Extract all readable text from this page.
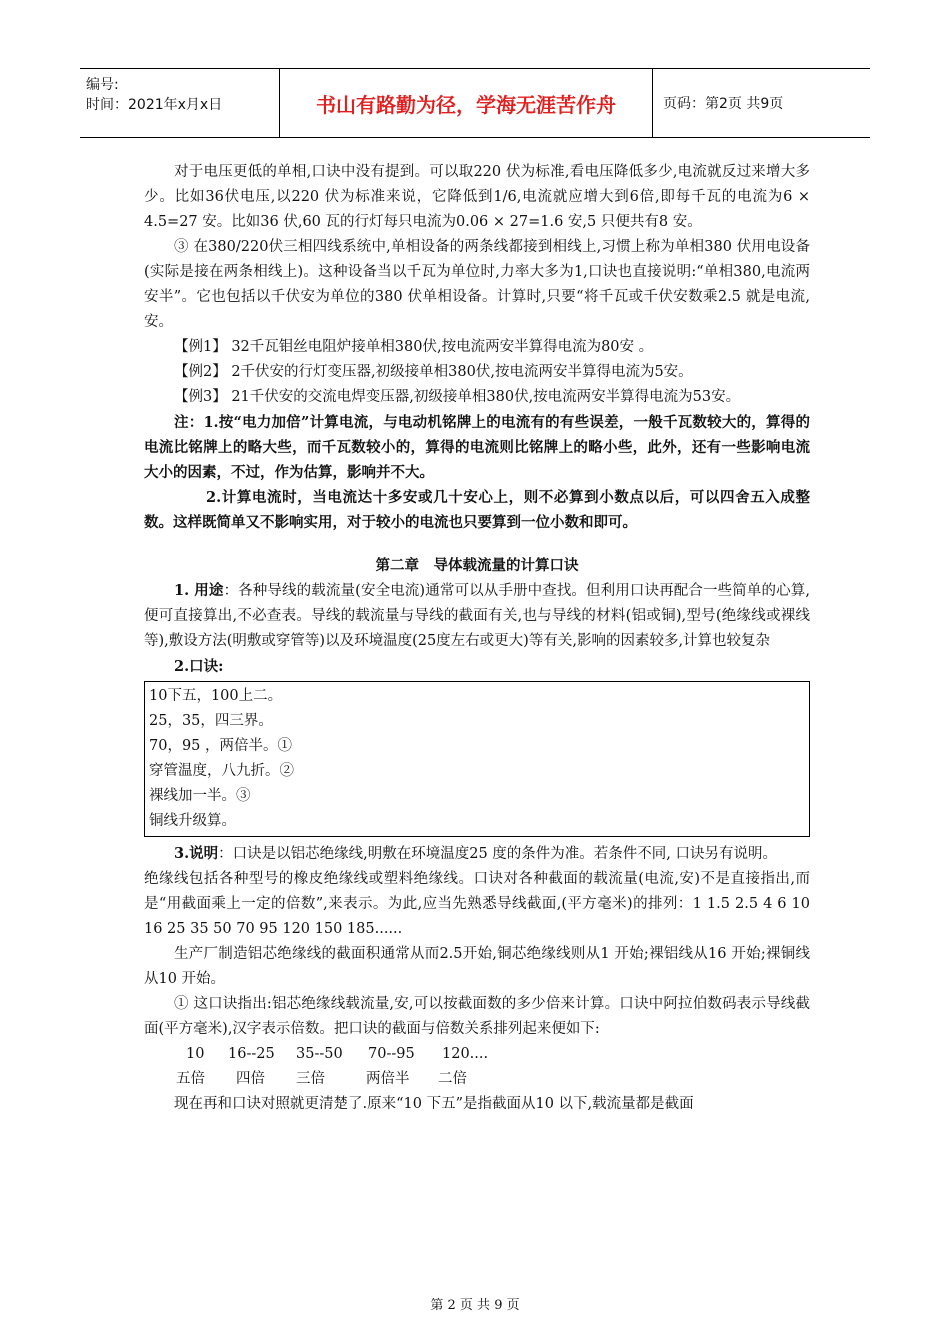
编号:
时间：2021年x月x日	书山有路勤为径，学海无涯苦作舟	页码：第2页 共9页

对于电压更低的单相,口诀中没有提到。可以取220 伏为标准,看电压降低多少,电流就反过来增大多少。比如36伏电压,以220 伏为标准来说，它降低到1/6,电流就应增大到6倍,即每千瓦的电流为6 × 4.5=27 安。比如36 伏,60 瓦的行灯每只电流为0.06 × 27=1.6 安,5 只便共有8 安。

③ 在380/220伏三相四线系统中,单相设备的两条线都接到相线上,习惯上称为单相380 伏用电设备(实际是接在两条相线上)。这种设备当以千瓦为单位时,力率大多为1,口诀也直接说明:“单相380,电流两安半”。它也包括以千伏安为单位的380 伏单相设备。计算时,只要“将千瓦或千伏安数乘2.5 就是电流,安。

【例1】 32千瓦钼丝电阻炉接单相380伏,按电流两安半算得电流为80安 。

【例2】 2千伏安的行灯变压器,初级接单相380伏,按电流两安半算得电流为5安。

【例3】 21千伏安的交流电焊变压器,初级接单相380伏,按电流两安半算得电流为53安。

注：1.按“电力加倍”计算电流，与电动机铭牌上的电流有的有些误差，一般千瓦数较大的，算得的电流比铭牌上的略大些，而千瓦数较小的，算得的电流则比铭牌上的略小些，此外，还有一些影响电流大小的因素，不过，作为估算，影响并不大。

2.计算电流时，当电流达十多安或几十安心上，则不必算到小数点以后，可以四舍五入成整数。这样既简单又不影响实用，对于较小的电流也只要算到一位小数和即可。

第二章　导体载流量的计算口诀

1. 用途：各种导线的载流量(安全电流)通常可以从手册中查找。但利用口诀再配合一些简单的心算,便可直接算出,不必查表。导线的载流量与导线的截面有关,也与导线的材料(铝或铜),型号(绝缘线或裸线等),敷设方法(明敷或穿管等)以及环境温度(25度左右或更大)等有关,影响的因素较多,计算也较复杂

2.口诀:

10下五，100上二。
25，35，四三界。
70，95 ，两倍半。①
穿管温度，八九折。②
裸线加一半。③
铜线升级算。

3.说明：口诀是以铝芯绝缘线,明敷在环境温度25 度的条件为准。若条件不同, 口诀另有说明。

绝缘线包括各种型号的橡皮绝缘线或塑料绝缘线。口诀对各种截面的载流量(电流,安)不是直接指出,而是“用截面乘上一定的倍数”,来表示。为此,应当先熟悉导线截面,(平方毫米)的排列：1 1.5 2.5 4 6 10 16 25 35 50 70 95 120 150 185......

生产厂制造铝芯绝缘线的截面积通常从而2.5开始,铜芯绝缘线则从1 开始;裸铝线从16 开始;裸铜线从10 开始。

① 这口诀指出:铝芯绝缘线载流量,安,可以按截面数的多少倍来计算。口诀中阿拉伯数码表示导线截面(平方毫米),汉字表示倍数。把口诀的截面与倍数关系排列起来便如下:

10	16--25	35--50	70--95	120....
五倍	四倍	三倍	两倍半	二倍

现在再和口诀对照就更清楚了.原来“10 下五”是指截面从10 以下,载流量都是截面

第 2 页 共 9 页
